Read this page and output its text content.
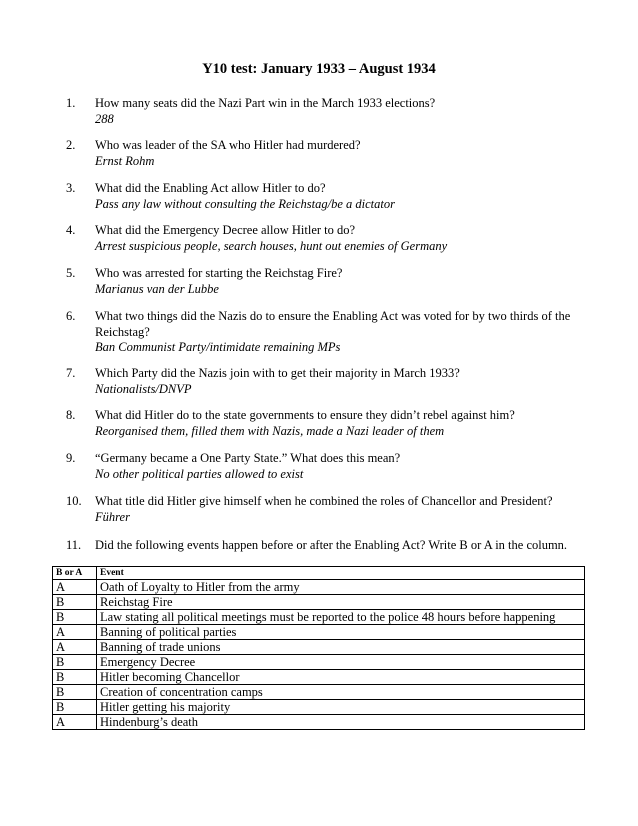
Y10 test: January 1933 – August 1934
1.	How many seats did the Nazi Part win in the March 1933 elections?
288
2.	Who was leader of the SA who Hitler had murdered?
Ernst Rohm
3.	What did the Enabling Act allow Hitler to do?
Pass any law without consulting the Reichstag/be a dictator
4.	What did the Emergency Decree allow Hitler to do?
Arrest suspicious people, search houses, hunt out enemies of Germany
5.	Who was arrested for starting the Reichstag Fire?
Marianus van der Lubbe
6.	What two things did the Nazis do to ensure the Enabling Act was voted for by two thirds of the Reichstag?
Ban Communist Party/intimidate remaining MPs
7.	Which Party did the Nazis join with to get their majority in March 1933?
Nationalists/DNVP
8.	What did Hitler do to the state governments to ensure they didn’t rebel against him?
Reorganised them, filled them with Nazis, made a Nazi leader of them
9.	“Germany became a One Party State.” What does this mean?
No other political parties allowed to exist
10.	What title did Hitler give himself when he combined the roles of Chancellor and President?
Führer
11.	Did the following events happen before or after the Enabling Act? Write B or A in the column.
B or A	Event
A	Oath of Loyalty to Hitler from the army
B	Reichstag Fire
B	Law stating all political meetings must be reported to the police 48 hours before happening
A	Banning of political parties
A	Banning of trade unions
B	Emergency Decree
B	Hitler becoming Chancellor
B	Creation of concentration camps
B	Hitler getting his majority
A	Hindenburg’s death
